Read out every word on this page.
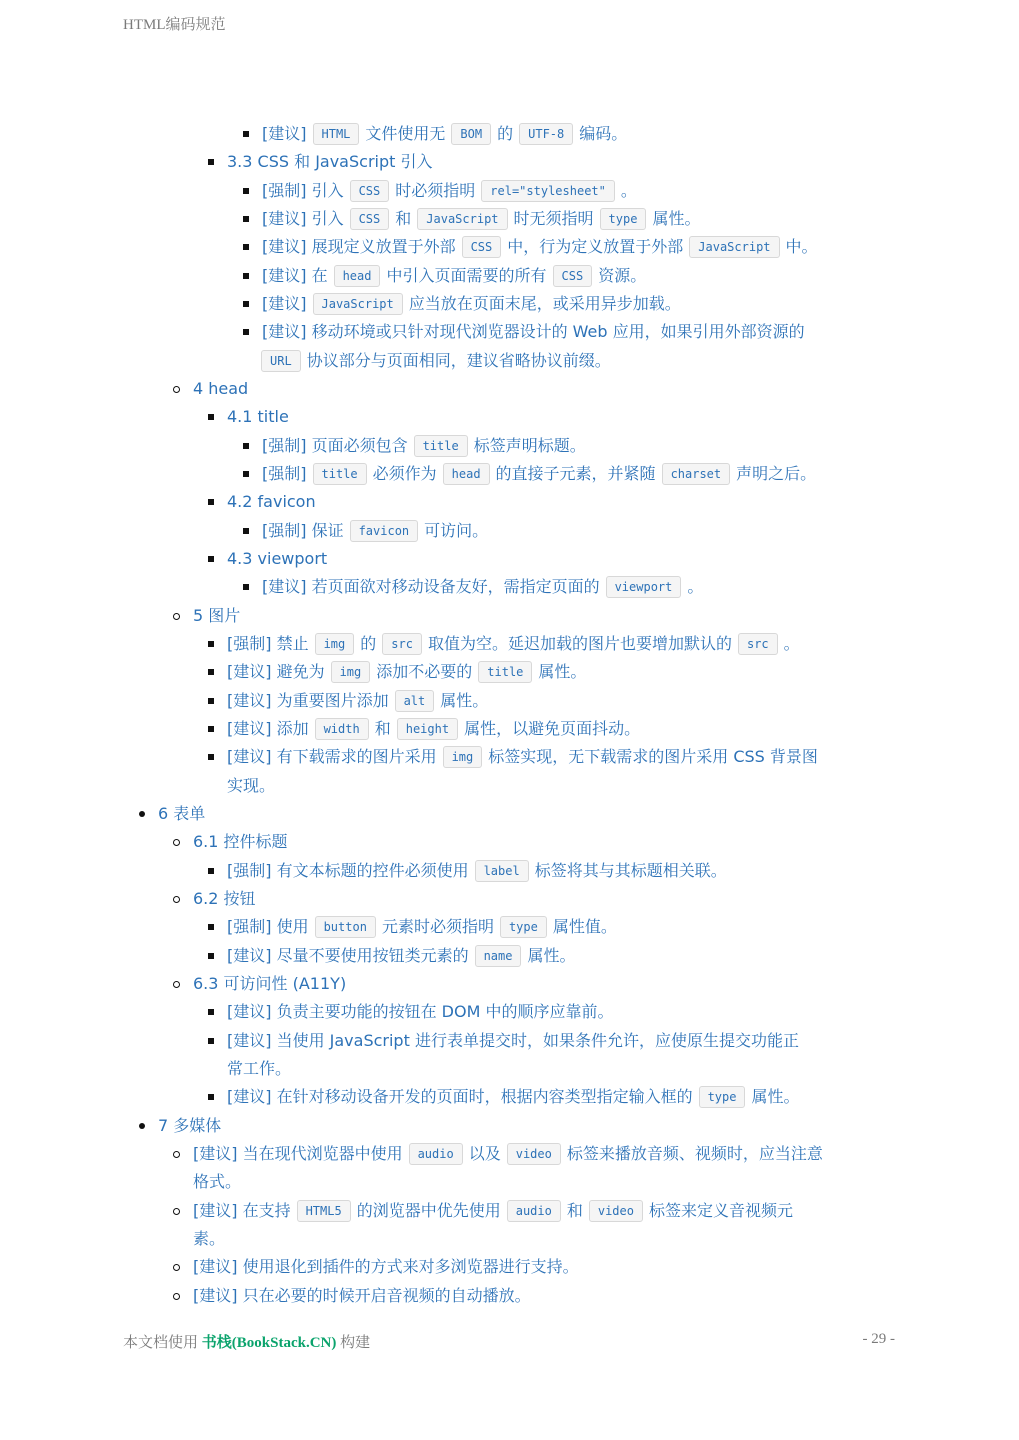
HTML编码规范
[建议] HTML 文件使用无 BOM 的 UTF-8 编码。
3.3 CSS 和 JavaScript 引入
[强制] 引入 CSS 时必须指明 rel="stylesheet" 。
[建议] 引入 CSS 和 JavaScript 时无须指明 type 属性。
[建议] 展现定义放置于外部 CSS 中，行为定义放置于外部 JavaScript 中。
[建议] 在 head 中引入页面需要的所有 CSS 资源。
[建议] JavaScript 应当放在页面末尾，或采用异步加载。
[建议] 移动环境或只针对现代浏览器设计的 Web 应用，如果引用外部资源的
URL 协议部分与页面相同，建议省略协议前缀。
4 head
4.1 title
[强制] 页面必须包含 title 标签声明标题。
[强制] title 必须作为 head 的直接子元素，并紧随 charset 声明之后。
4.2 favicon
[强制] 保证 favicon 可访问。
4.3 viewport
[建议] 若页面欲对移动设备友好，需指定页面的 viewport 。
5 图片
[强制] 禁止 img 的 src 取值为空。延迟加载的图片也要增加默认的 src 。
[建议] 避免为 img 添加不必要的 title 属性。
[建议] 为重要图片添加 alt 属性。
[建议] 添加 width 和 height 属性，以避免页面抖动。
[建议] 有下载需求的图片采用 img 标签实现，无下载需求的图片采用 CSS 背景图
实现。
6 表单
6.1 控件标题
[强制] 有文本标题的控件必须使用 label 标签将其与其标题相关联。
6.2 按钮
[强制] 使用 button 元素时必须指明 type 属性值。
[建议] 尽量不要使用按钮类元素的 name 属性。
6.3 可访问性 (A11Y)
[建议] 负责主要功能的按钮在 DOM 中的顺序应靠前。
[建议] 当使用 JavaScript 进行表单提交时，如果条件允许，应使原生提交功能正
常工作。
[建议] 在针对移动设备开发的页面时，根据内容类型指定输入框的 type 属性。
7 多媒体
[建议] 当在现代浏览器中使用 audio 以及 video 标签来播放音频、视频时，应当注意
格式。
[建议] 在支持 HTML5 的浏览器中优先使用 audio 和 video 标签来定义音视频元
素。
[建议] 使用退化到插件的方式来对多浏览器进行支持。
[建议] 只在必要的时候开启音视频的自动播放。
本文档使用 书栈(BookStack.CN) 构建	- 29 -
